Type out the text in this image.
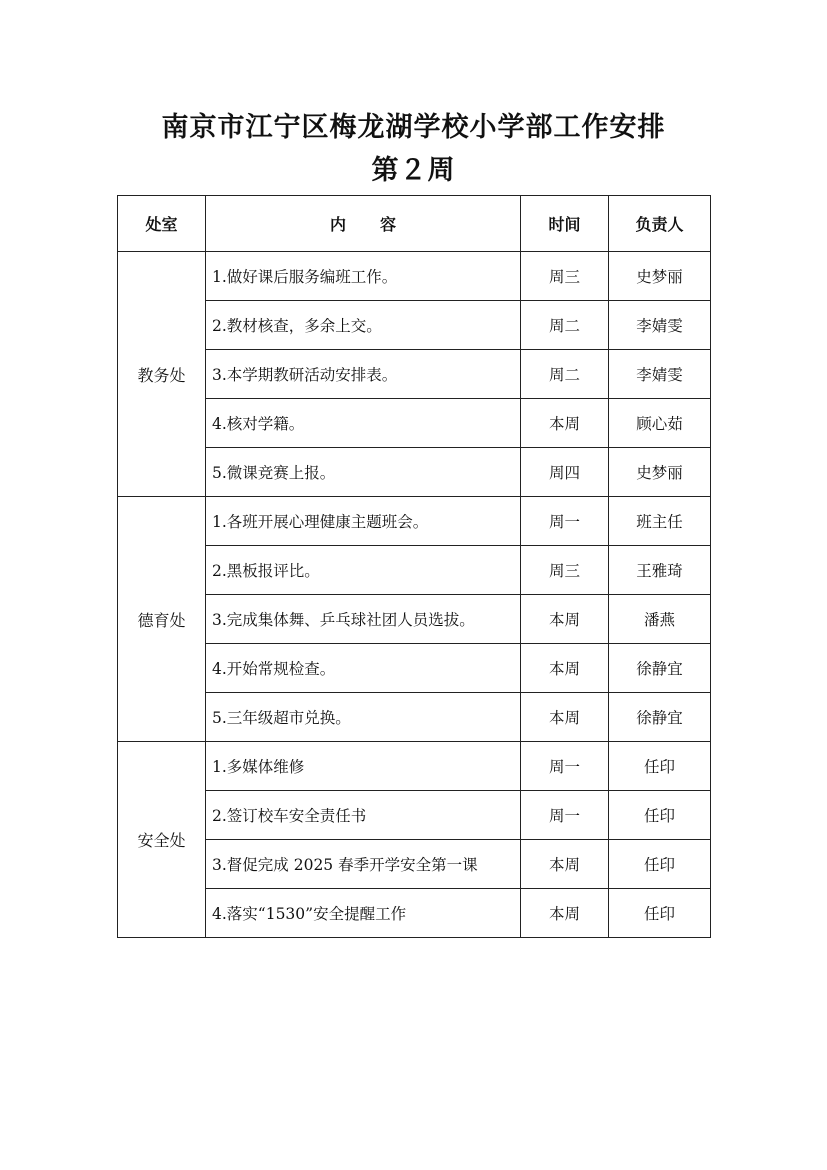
南京市江宁区梅龙湖学校小学部工作安排
第２周
处室	内 容	时间	负责人
教务处	1.做好课后服务编班工作。	周三	史梦丽
	2.教材核查，多余上交。	周二	李婧雯
	3.本学期教研活动安排表。	周二	李婧雯
	4.核对学籍。	本周	顾心茹
	5.微课竞赛上报。	周四	史梦丽
德育处	1.各班开展心理健康主题班会。	周一	班主任
	2.黑板报评比。	周三	王雅琦
	3.完成集体舞、乒乓球社团人员选拔。	本周	潘燕
	4.开始常规检查。	本周	徐静宜
	5.三年级超市兑换。	本周	徐静宜
安全处	1.多媒体维修	周一	任印
	2.签订校车安全责任书	周一	任印
	3.督促完成 2025 春季开学安全第一课	本周	任印
	4.落实“1530”安全提醒工作	本周	任印
